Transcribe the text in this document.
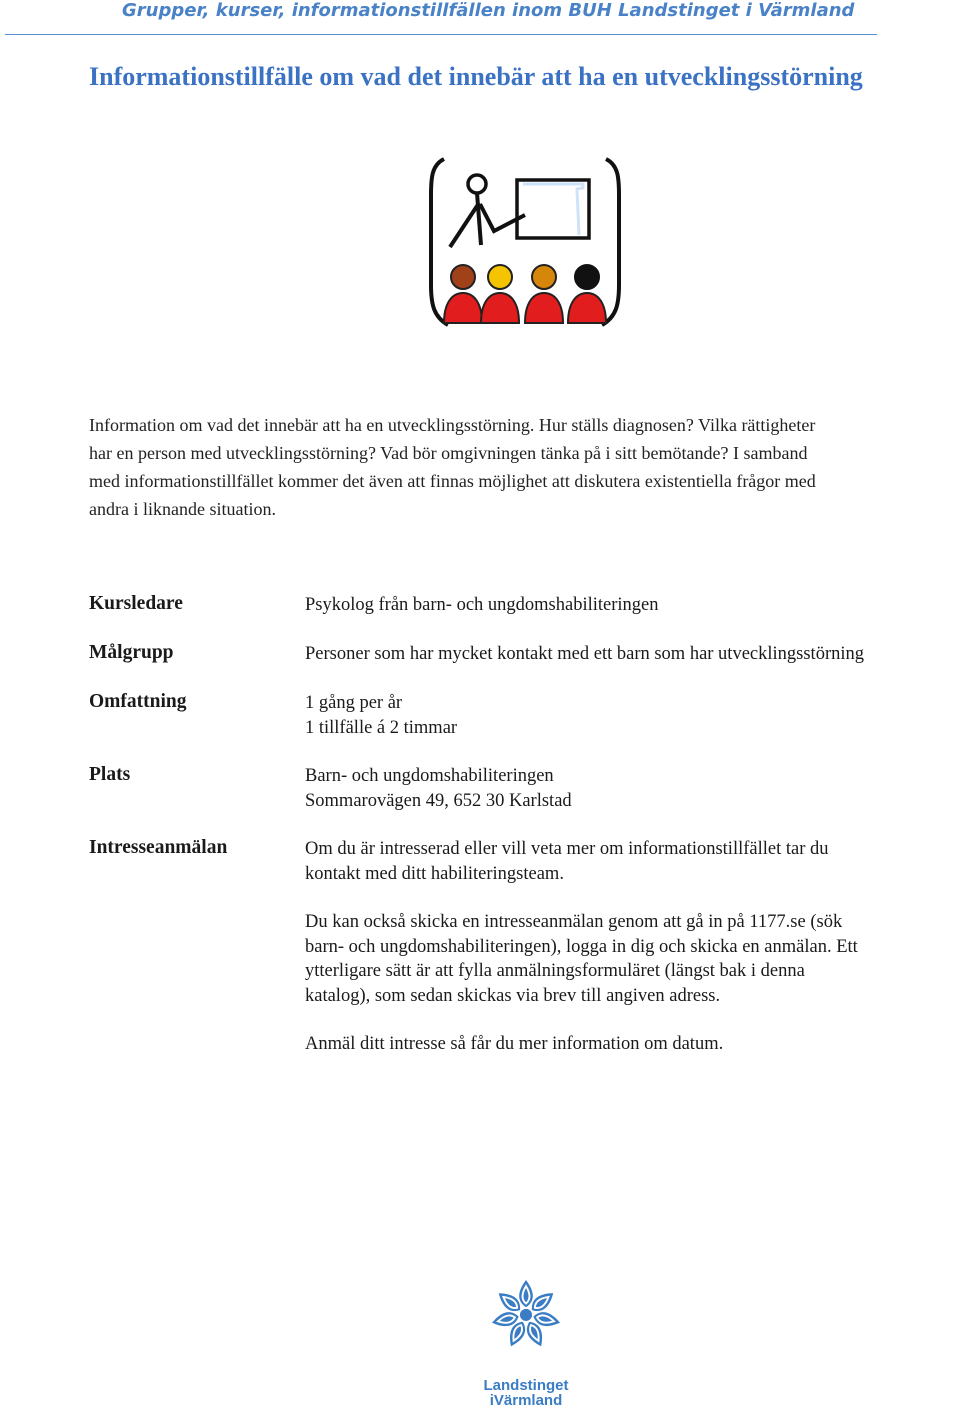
Grupper, kurser, informationstillfällen inom BUH Landstinget i Värmland
Informationstillfälle om vad det innebär att ha en utvecklingsstörning
Information om vad det innebär att ha en utvecklingsstörning. Hur ställs diagnosen? Vilka rättigheter
har en person med utvecklingsstörning? Vad bör omgivningen tänka på i sitt bemötande? I samband
med informationstillfället kommer det även att finnas möjlighet att diskutera existentiella frågor med
andra i liknande situation.
Kursledare	Psykolog från barn- och ungdomshabiliteringen
Målgrupp	Personer som har mycket kontakt med ett barn som har utvecklingsstörning
Omfattning	1 gång per år
1 tillfälle á 2 timmar
Plats	Barn- och ungdomshabiliteringen
Sommarovägen 49, 652 30 Karlstad
Intresseanmälan	Om du är intresserad eller vill veta mer om informationstillfället tar du
kontakt med ditt habiliteringsteam.
Du kan också skicka en intresseanmälan genom att gå in på 1177.se (sök
barn- och ungdomshabiliteringen), logga in dig och skicka en anmälan. Ett
ytterligare sätt är att fylla anmälningsformuläret (längst bak i denna
katalog), som sedan skickas via brev till angiven adress.
Anmäl ditt intresse så får du mer information om datum.
Landstinget
iVärmland
